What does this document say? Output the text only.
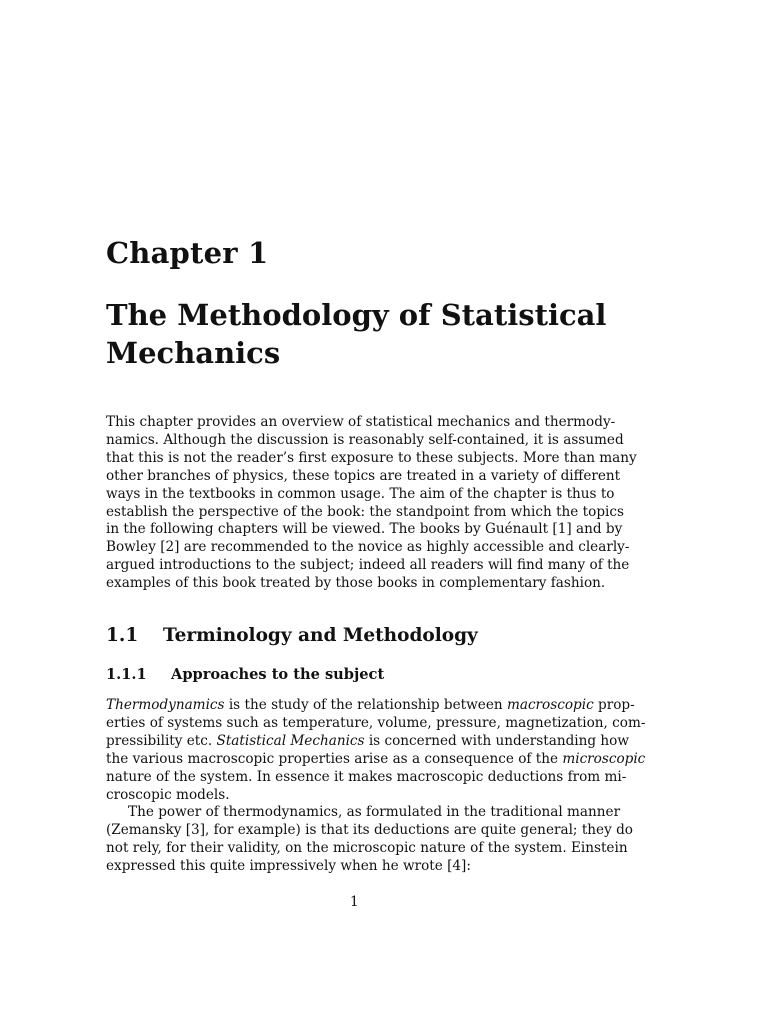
Chapter 1
The Methodology of Statistical
Mechanics

This chapter provides an overview of statistical mechanics and thermody-
namics. Although the discussion is reasonably self-contained, it is assumed
that this is not the reader’s first exposure to these subjects. More than many
other branches of physics, these topics are treated in a variety of different
ways in the textbooks in common usage. The aim of the chapter is thus to
establish the perspective of the book: the standpoint from which the topics
in the following chapters will be viewed. The books by Guénault [1] and by
Bowley [2] are recommended to the novice as highly accessible and clearly-
argued introductions to the subject; indeed all readers will find many of the
examples of this book treated by those books in complementary fashion.

1.1 Terminology and Methodology
1.1.1 Approaches to the subject

Thermodynamics is the study of the relationship between macroscopic prop-
erties of systems such as temperature, volume, pressure, magnetization, com-
pressibility etc. Statistical Mechanics is concerned with understanding how
the various macroscopic properties arise as a consequence of the microscopic
nature of the system. In essence it makes macroscopic deductions from mi-
croscopic models.

The power of thermodynamics, as formulated in the traditional manner
(Zemansky [3], for example) is that its deductions are quite general; they do
not rely, for their validity, on the microscopic nature of the system. Einstein
expressed this quite impressively when he wrote [4]:

1
